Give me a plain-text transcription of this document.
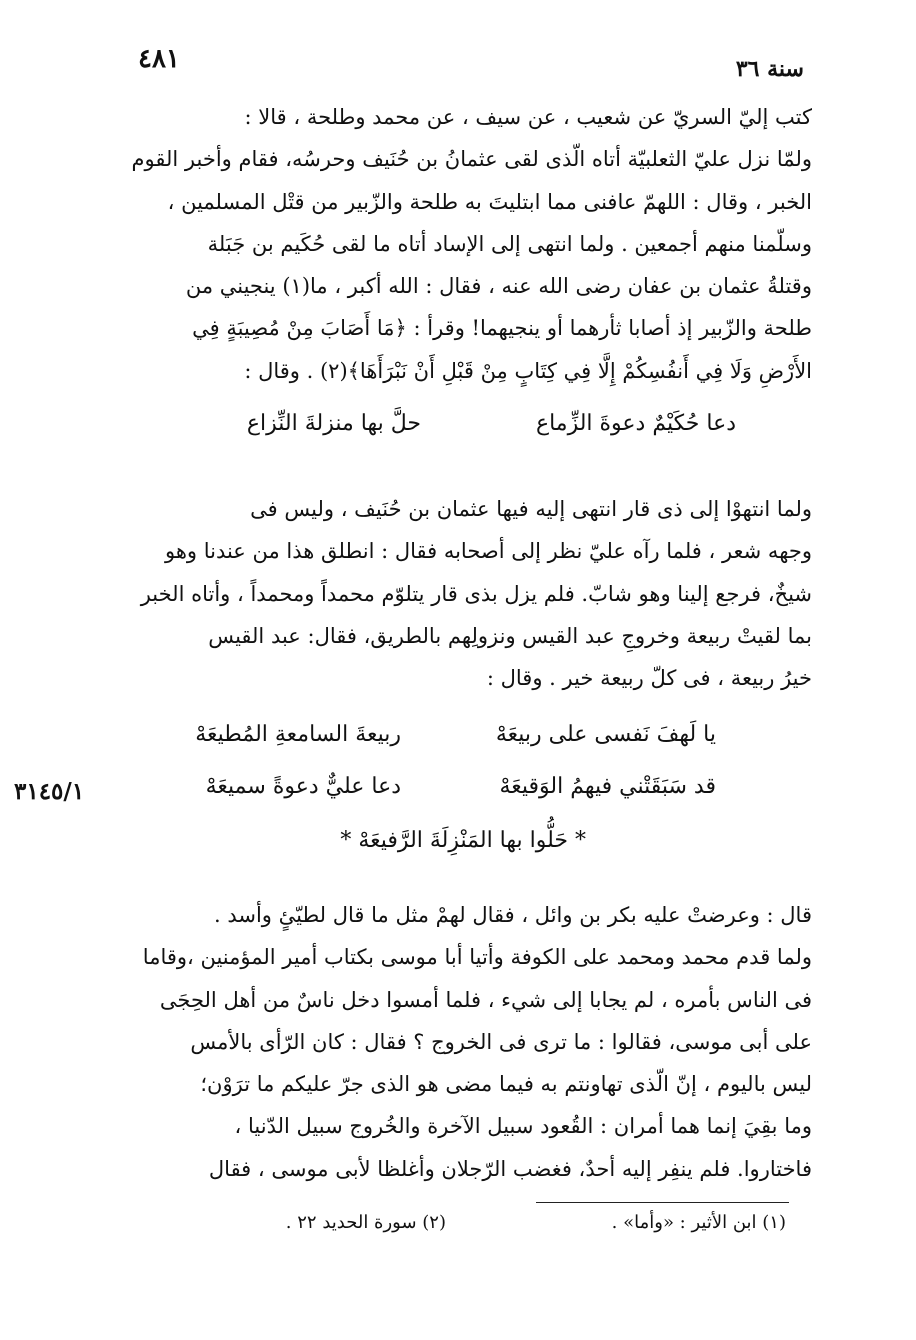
٤٨١	سنة ٣٦
كتب إليّ السريّ عن شعيب ، عن سيف ، عن محمد وطلحة ، قالا :
ولمّا نزل عليّ الثعلبيّة أتاه الّذى لقى عثمانُ بن حُنَيف وحرسُه، فقام وأخبر القوم
الخبر ، وقال : اللهمّ عافنى مما ابتليتَ به طلحة والزّبير من قتْل المسلمين ،
وسلّمنا منهم أجمعين . ولما انتهى إلى الإساد أتاه ما لقى حُكَيم بن جَبَلة
وقتلةُ عثمان بن عفان رضى الله عنه ، فقال : الله أكبر ، ما(١) ينجيني من
طلحة والزّبير إذ أصابا ثأرهما أو ينجيهما! وقرأ : ﴿مَا أَصَابَ مِنْ مُصِيبَةٍ فِي
الأَرْضِ وَلَا فِي أَنفُسِكُمْ إِلَّا فِي كِتَابٍ مِنْ قَبْلِ أَنْ نَبْرَأَهَا﴾(٢) . وقال :
دعا حُكَيْمٌ دعوةَ الزِّماع حلَّ بها منزلةَ النِّزاع
ولما انتهوْا إلى ذى قار انتهى إليه فيها عثمان بن حُنَيف ، وليس فى
وجهه شعر ، فلما رآه عليّ نظر إلى أصحابه فقال : انطلق هذا من عندنا وهو
شيخٌ، فرجع إلينا وهو شابّ. فلم يزل بذى قار يتلوّم محمداً ومحمداً ، وأتاه الخبر
بما لقيتْ ربيعة وخروجِ عبد القيس ونزولِهم بالطريق، فقال: عبد القيس
خيرُ ربيعة ، فى كلّ ربيعة خير . وقال :
يا لَهفَ نَفسى على ربيعَهْ ربيعةَ السامعةِ المُطيعَهْ
قد سَبَقَتْني فيهمُ الوَقيعَهْ دعا عليٌّ دعوةً سميعَهْ
* حَلُّوا بها المَنْزِلَةَ الرَّفيعَهْ *
٣١٤٥/١
قال : وعرضتْ عليه بكر بن وائل ، فقال لهمْ مثل ما قال لطيّئٍ وأسد .
ولما قدم محمد ومحمد على الكوفة وأتيا أبا موسى بكتاب أمير المؤمنين ،وقاما
فى الناس بأمره ، لم يجابا إلى شيء ، فلما أمسوا دخل ناسٌ من أهل الحِجَى
على أبى موسى، فقالوا : ما ترى فى الخروج ؟ فقال : كان الرّأى بالأمس
ليس باليوم ، إنّ الّذى تهاونتم به فيما مضى هو الذى جرّ عليكم ما ترَوْن؛
وما بقِيَ إنما هما أمران : القُعود سبيل الآخرة والخُروج سبيل الدّنيا ،
فاختاروا. فلم ينفِر إليه أحدٌ، فغضب الرّجلان وأغلظا لأبى موسى ، فقال
(١) ابن الأثير : «وأما» .
(٢) سورة الحديد ٢٢ .
